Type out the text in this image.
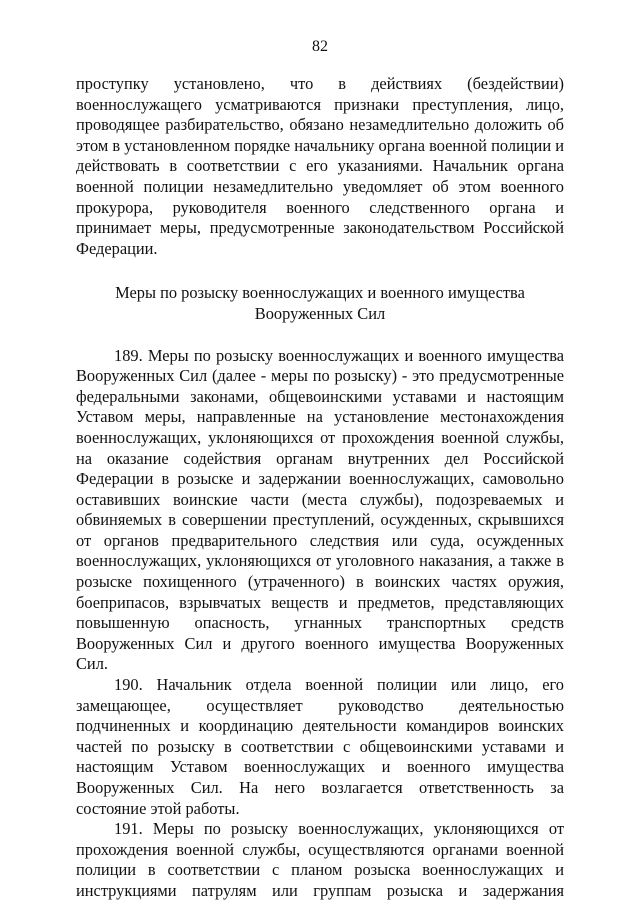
82

проступку установлено, что в действиях (бездействии) военнослужащего усматриваются признаки преступления, лицо, проводящее разбирательство, обязано незамедлительно доложить об этом в установленном порядке начальнику органа военной полиции и действовать в соответствии с его указаниями. Начальник органа военной полиции незамедлительно уведомляет об этом военного прокурора, руководителя военного следственного органа и принимает меры, предусмотренные законодательством Российской Федерации.

Меры по розыску военнослужащих и военного имущества
Вооруженных Сил

189. Меры по розыску военнослужащих и военного имущества Вооруженных Сил (далее - меры по розыску) - это предусмотренные федеральными законами, общевоинскими уставами и настоящим Уставом меры, направленные на установление местонахождения военнослужащих, уклоняющихся от прохождения военной службы, на оказание содействия органам внутренних дел Российской Федерации в розыске и задержании военнослужащих, самовольно оставивших воинские части (места службы), подозреваемых и обвиняемых в совершении преступлений, осужденных, скрывшихся от органов предварительного следствия или суда, осужденных военнослужащих, уклоняющихся от уголовного наказания, а также в розыске похищенного (утраченного) в воинских частях оружия, боеприпасов, взрывчатых веществ и предметов, представляющих повышенную опасность, угнанных транспортных средств Вооруженных Сил и другого военного имущества Вооруженных Сил.

190. Начальник отдела военной полиции или лицо, его замещающее, осуществляет руководство деятельностью подчиненных и координацию деятельности командиров воинских частей по розыску в соответствии с общевоинскими уставами и настоящим Уставом военнослужащих и военного имущества Вооруженных Сил. На него возлагается ответственность за состояние этой работы.

191. Меры по розыску военнослужащих, уклоняющихся от прохождения военной службы, осуществляются органами военной полиции в соответствии с планом розыска военнослужащих и инструкциями патрулям или группам розыска и задержания
